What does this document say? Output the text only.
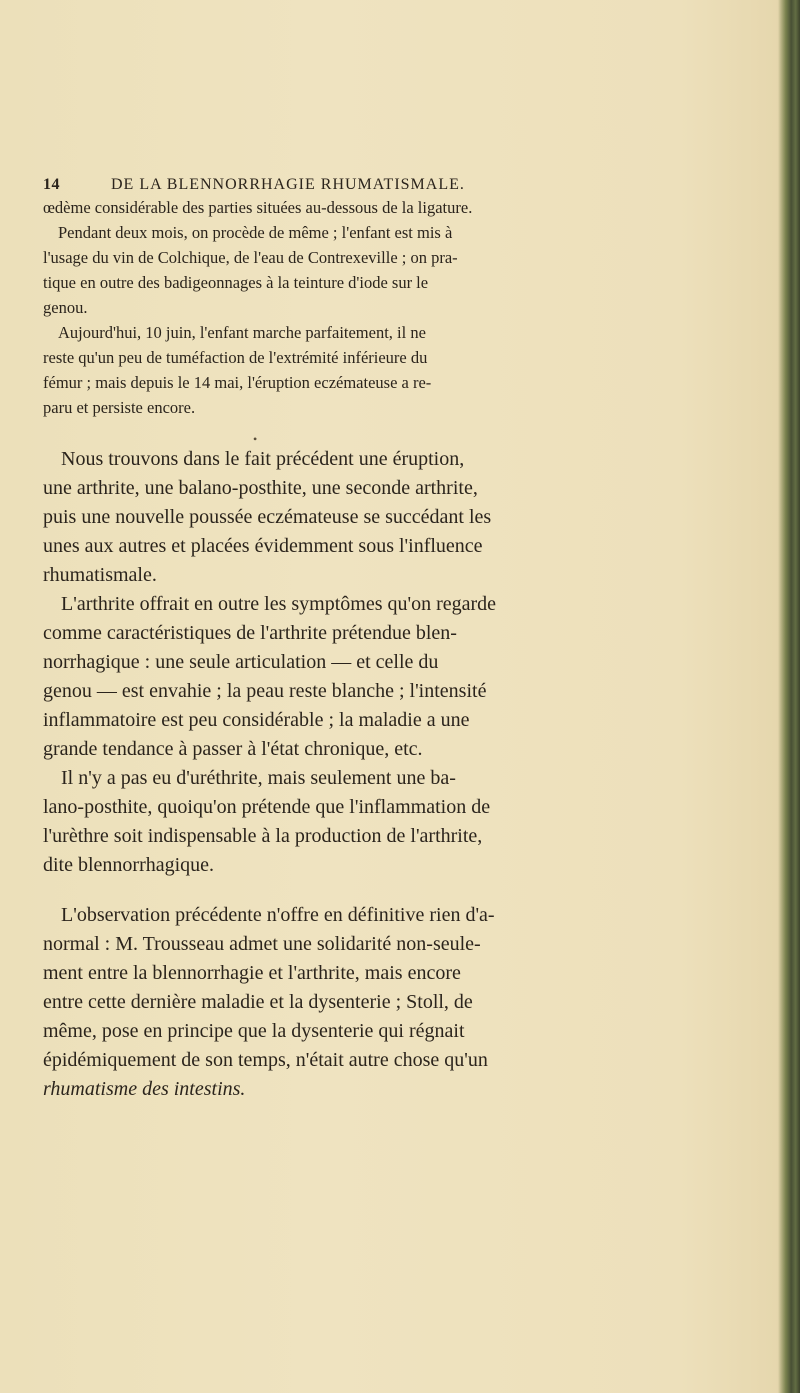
14	DE LA BLENNORRHAGIE RHUMATISMALE.
œdème considérable des parties situées au-dessous de la ligature.
Pendant deux mois, on procède de même ; l'enfant est mis à
l'usage du vin de Colchique, de l'eau de Contrexeville ; on pra-
tique en outre des badigeonnages à la teinture d'iode sur le
genou.
Aujourd'hui, 10 juin, l'enfant marche parfaitement, il ne
reste qu'un peu de tuméfaction de l'extrémité inférieure du
fémur ; mais depuis le 14 mai, l'éruption eczémateuse a re-
paru et persiste encore.
•
Nous trouvons dans le fait précédent une éruption,
une arthrite, une balano-posthite, une seconde arthrite,
puis une nouvelle poussée eczémateuse se succédant les
unes aux autres et placées évidemment sous l'influence
rhumatismale.
L'arthrite offrait en outre les symptômes qu'on regarde
comme caractéristiques de l'arthrite prétendue blen-
norrhagique : une seule articulation — et celle du
genou — est envahie ; la peau reste blanche ; l'intensité
inflammatoire est peu considérable ; la maladie a une
grande tendance à passer à l'état chronique, etc.
Il n'y a pas eu d'uréthrite, mais seulement une ba-
lano-posthite, quoiqu'on prétende que l'inflammation de
l'urèthre soit indispensable à la production de l'arthrite,
dite blennorrhagique.
L'observation précédente n'offre en définitive rien d'a-
normal : M. Trousseau admet une solidarité non-seule-
ment entre la blennorrhagie et l'arthrite, mais encore
entre cette dernière maladie et la dysenterie ; Stoll, de
même, pose en principe que la dysenterie qui régnait
épidémiquement de son temps, n'était autre chose qu'un
rhumatisme des intestins.
